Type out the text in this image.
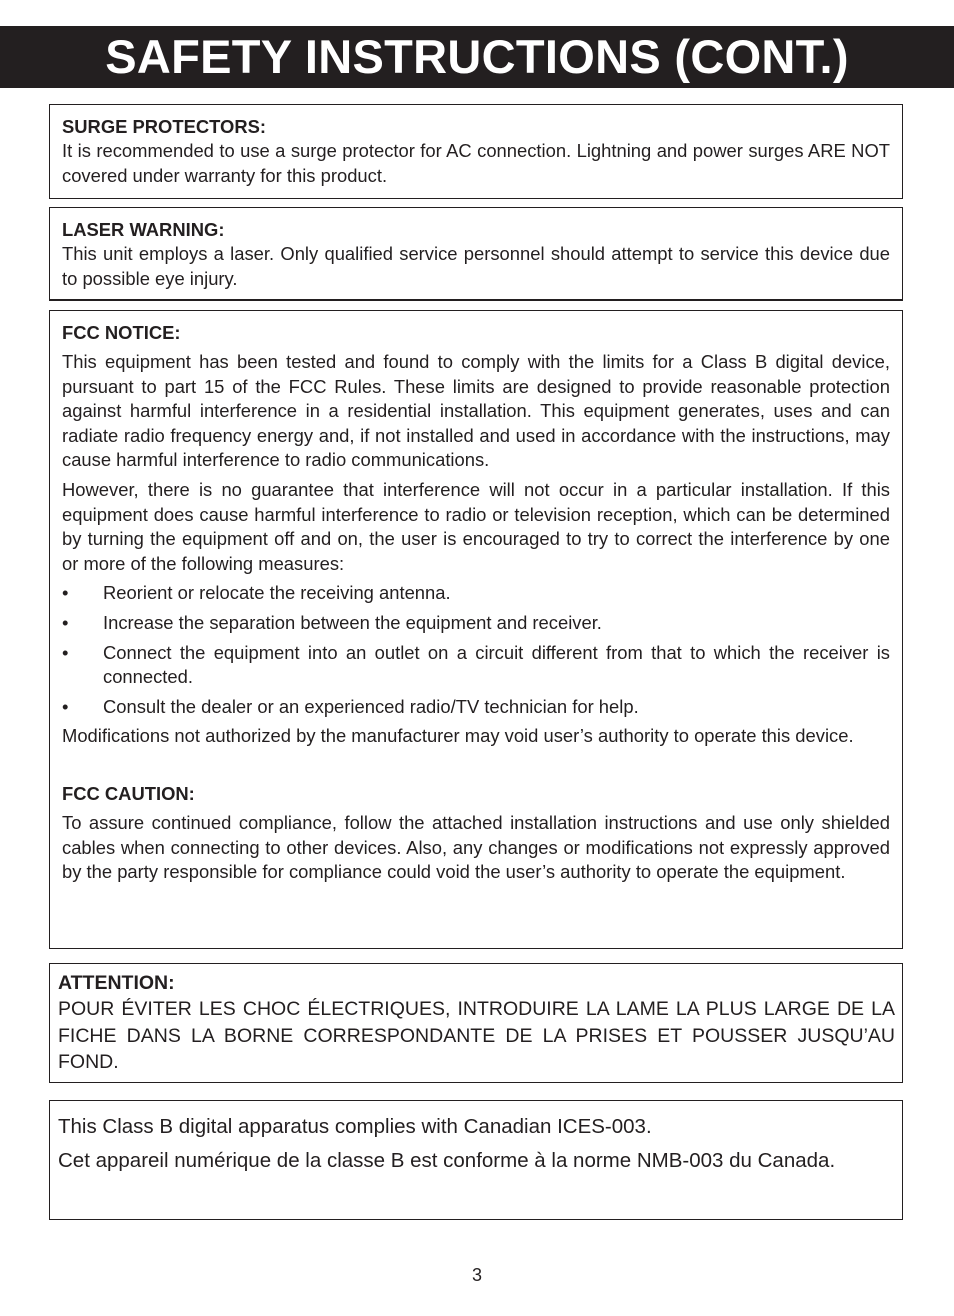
SAFETY INSTRUCTIONS (CONT.)
SURGE PROTECTORS:

It is recommended to use a surge protector for AC connection. Lightning and power surges ARE NOT covered under warranty for this product.

LASER WARNING:

This unit employs a laser. Only qualified service personnel should attempt to service this device due to possible eye injury.

FCC NOTICE:

This equipment has been tested and found to comply with the limits for a Class B digital device, pursuant to part 15 of the FCC Rules. These limits are designed to provide reasonable protection against harmful interference in a residential installation. This equipment generates, uses and can radiate radio frequency energy and, if not installed and used in accordance with the instructions, may cause harmful interference to radio communications.

However, there is no guarantee that interference will not occur in a particular installation. If this equipment does cause harmful interference to radio or television reception, which can be determined by turning the equipment off and on, the user is encouraged to try to correct the interference by one or more of the following measures:

• Reorient or relocate the receiving antenna.
• Increase the separation between the equipment and receiver.
• Connect the equipment into an outlet on a circuit different from that to which the receiver is connected.
• Consult the dealer or an experienced radio/TV technician for help.

Modifications not authorized by the manufacturer may void user’s authority to operate this device.

FCC CAUTION:

To assure continued compliance, follow the attached installation instructions and use only shielded cables when connecting to other devices. Also, any changes or modifications not expressly approved by the party responsible for compliance could void the user’s authority to operate the equipment.

ATTENTION:

POUR ÉVITER LES CHOC ÉLECTRIQUES, INTRODUIRE LA LAME LA PLUS LARGE DE LA FICHE DANS LA BORNE CORRESPONDANTE DE LA PRISES ET POUSSER JUSQU’AU FOND.

This Class B digital apparatus complies with Canadian ICES-003.

Cet appareil numérique de la classe B est conforme à la norme NMB-003 du Canada.

3
